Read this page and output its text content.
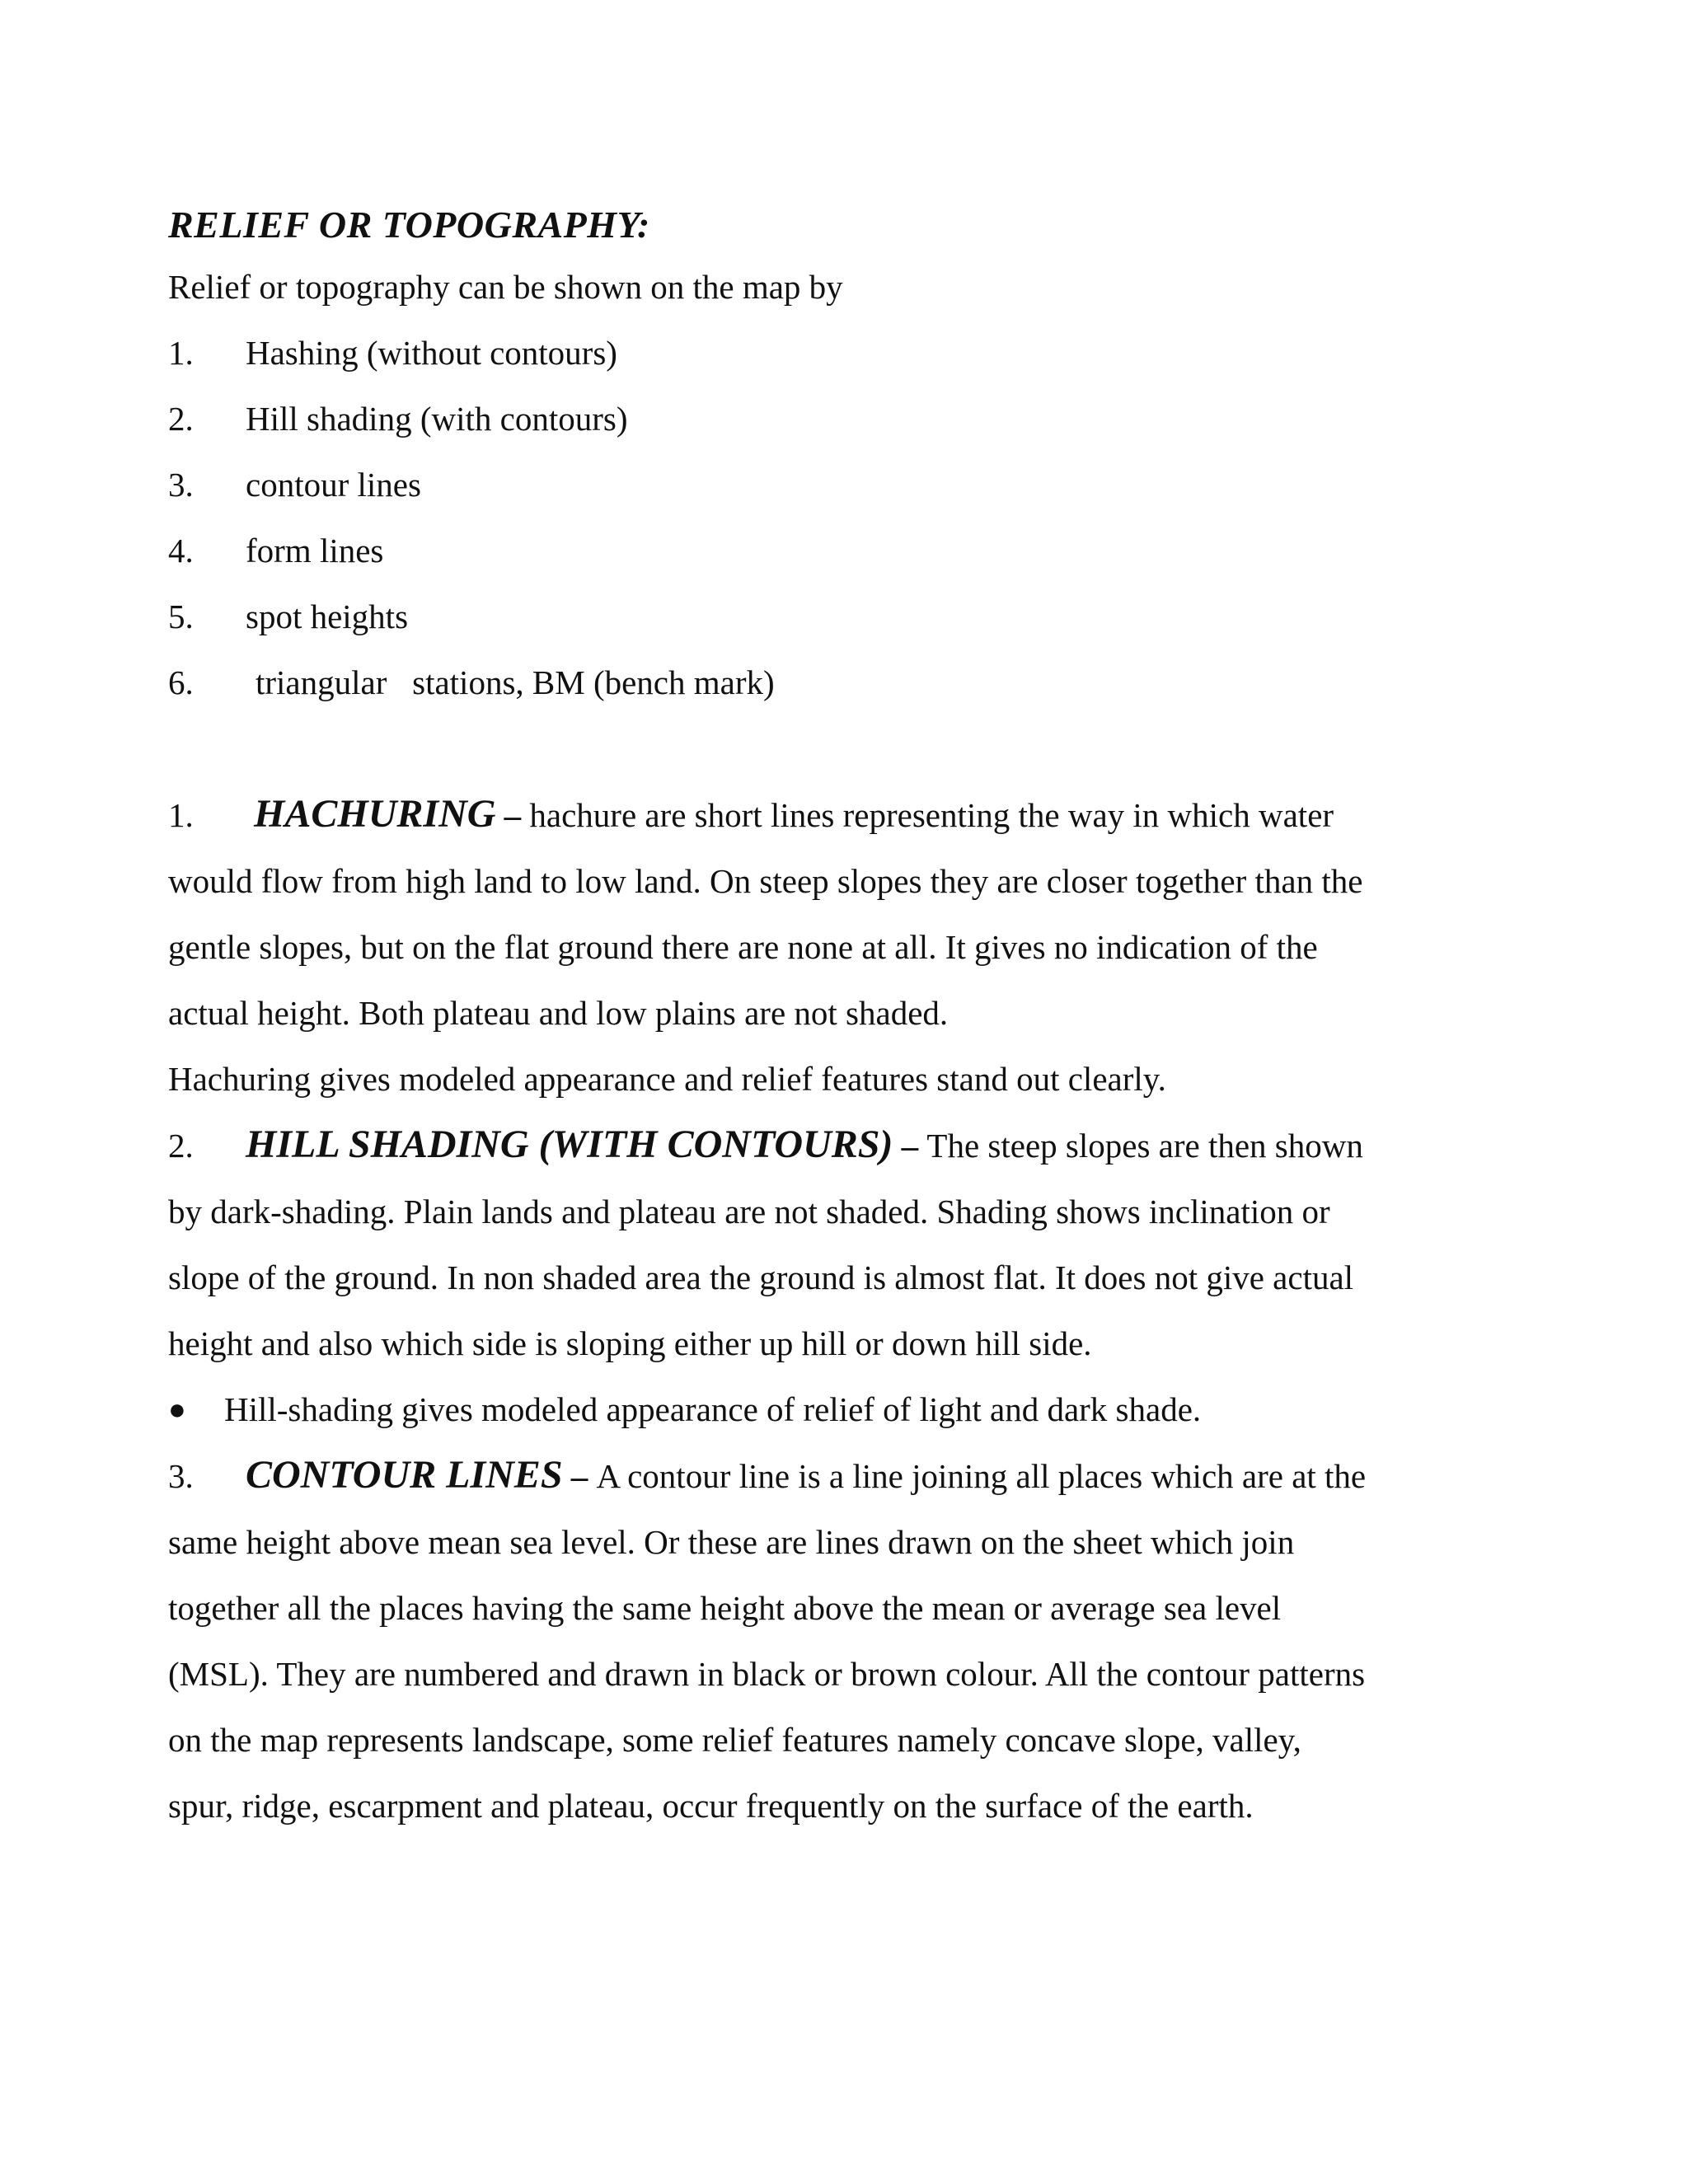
RELIEF OR TOPOGRAPHY:

Relief or topography can be shown on the map by

1.	Hashing (without contours)
2.	Hill shading (with contours)
3.	contour lines
4.	form lines
5.	spot heights
6.	triangular   stations, BM (bench mark)

1. HACHURING – hachure are short lines representing the way in which water

would flow from high land to low land. On steep slopes they are closer together than the

gentle slopes, but on the flat ground there are none at all. It gives no indication of the

actual height. Both plateau and low plains are not shaded.

Hachuring gives modeled appearance and relief features stand out clearly.

2. HILL SHADING (WITH CONTOURS) – The steep slopes are then shown

by dark-shading. Plain lands and plateau are not shaded. Shading shows inclination or

slope of the ground. In non shaded area the ground is almost flat. It does not give actual

height and also which side is sloping either up hill or down hill side.

●	Hill-shading gives modeled appearance of relief of light and dark shade.

3. CONTOUR LINES – A contour line is a line joining all places which are at the

same height above mean sea level. Or these are lines drawn on the sheet which join

together all the places having the same height above the mean or average sea level

(MSL). They are numbered and drawn in black or brown colour. All the contour patterns

on the map represents landscape, some relief features namely concave slope, valley,

spur, ridge, escarpment and plateau, occur frequently on the surface of the earth.
